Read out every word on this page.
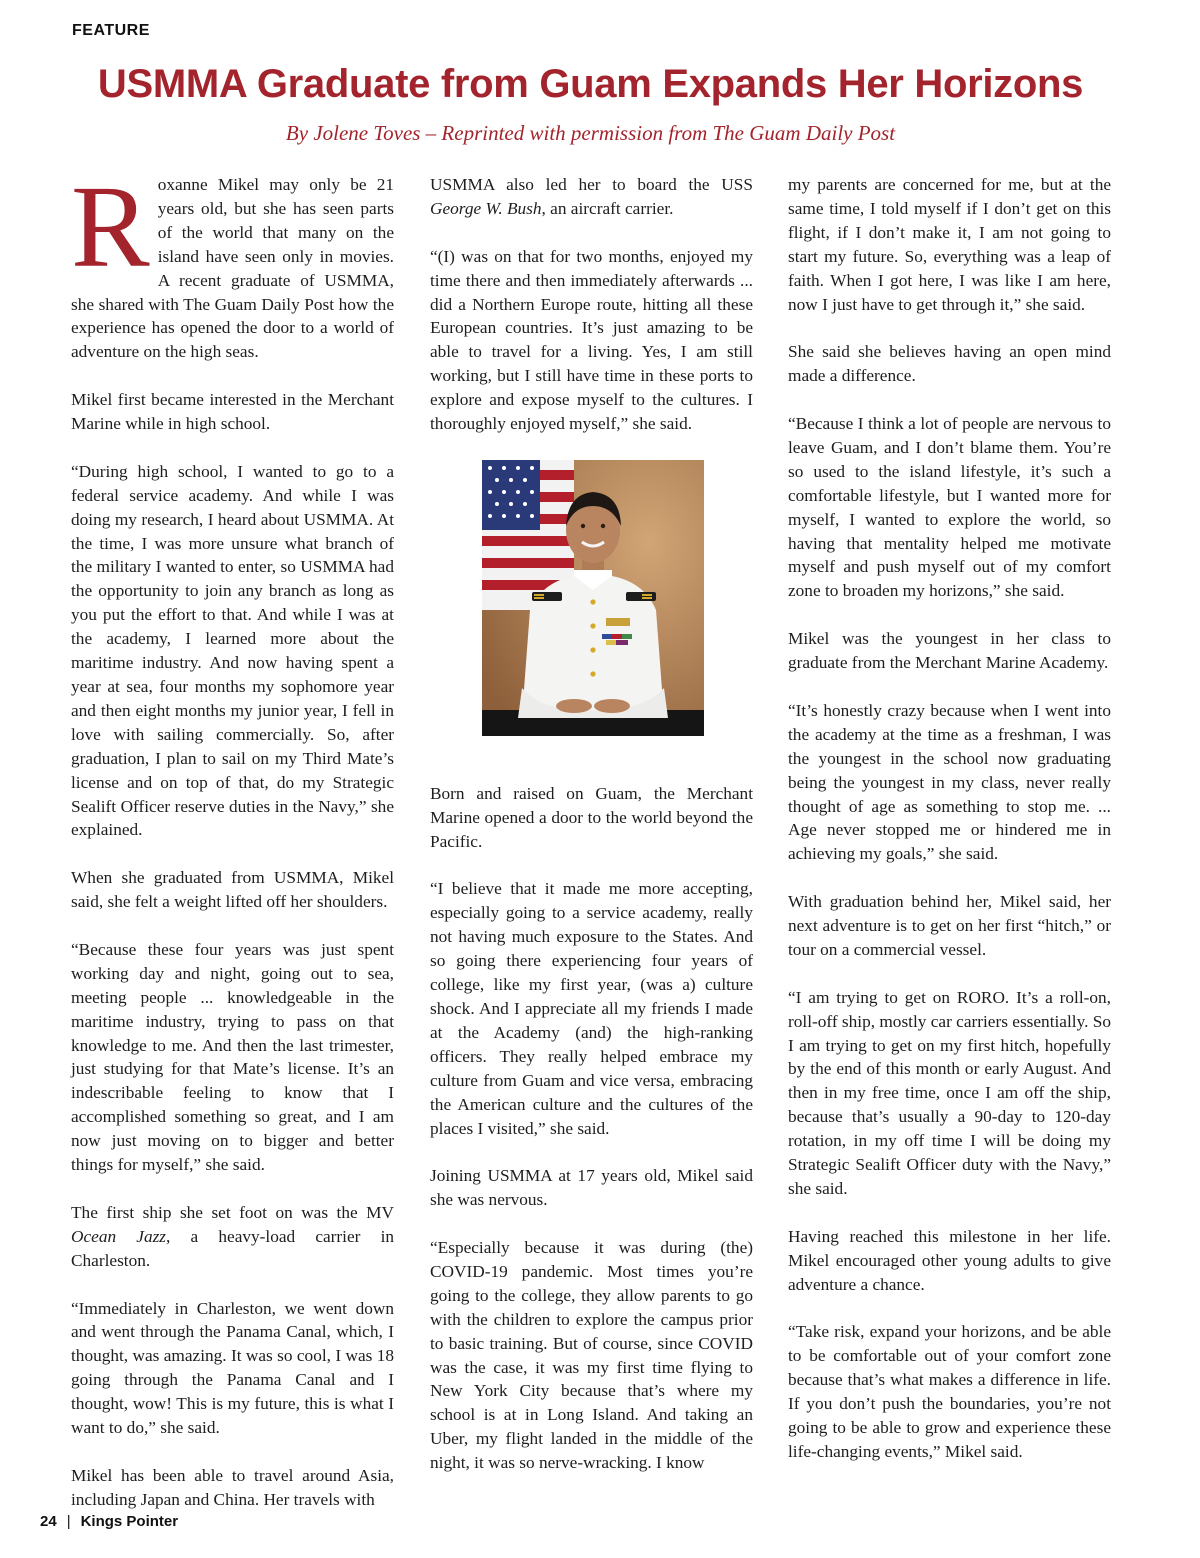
FEATURE
USMMA Graduate from Guam Expands Her Horizons
By Jolene Toves – Reprinted with permission from The Guam Daily Post

Roxanne Mikel may only be 21 years old, but she has seen parts of the world that many on the island have seen only in movies. A recent graduate of USMMA, she shared with The Guam Daily Post how the experience has opened the door to a world of adventure on the high seas.

Mikel first became interested in the Merchant Marine while in high school.

“During high school, I wanted to go to a federal service academy. And while I was doing my research, I heard about USMMA. At the time, I was more unsure what branch of the military I wanted to enter, so USMMA had the opportunity to join any branch as long as you put the effort to that. And while I was at the academy, I learned more about the maritime industry. And now having spent a year at sea, four months my sophomore year and then eight months my junior year, I fell in love with sailing commercially. So, after graduation, I plan to sail on my Third Mate’s license and on top of that, do my Strategic Sealift Officer reserve duties in the Navy,” she explained.

When she graduated from USMMA, Mikel said, she felt a weight lifted off her shoulders.

“Because these four years was just spent working day and night, going out to sea, meeting people ... knowledgeable in the maritime industry, trying to pass on that knowledge to me. And then the last trimester, just studying for that Mate’s license. It’s an indescribable feeling to know that I accomplished something so great, and I am now just moving on to bigger and better things for myself,” she said.

The first ship she set foot on was the MV Ocean Jazz, a heavy-load carrier in Charleston.

“Immediately in Charleston, we went down and went through the Panama Canal, which, I thought, was amazing. It was so cool, I was 18 going through the Panama Canal and I thought, wow! This is my future, this is what I want to do,” she said.

Mikel has been able to travel around Asia, including Japan and China. Her travels with

USMMA also led her to board the USS George W. Bush, an aircraft carrier.

“(I) was on that for two months, enjoyed my time there and then immediately afterwards ... did a Northern Europe route, hitting all these European countries. It’s just amazing to be able to travel for a living. Yes, I am still working, but I still have time in these ports to explore and expose myself to the cultures. I thoroughly enjoyed myself,” she said.

Born and raised on Guam, the Merchant Marine opened a door to the world beyond the Pacific.

“I believe that it made me more accepting, especially going to a service academy, really not having much exposure to the States. And so going there experiencing four years of college, like my first year, (was a) culture shock. And I appreciate all my friends I made at the Academy (and) the high-ranking officers. They really helped embrace my culture from Guam and vice versa, embracing the American culture and the cultures of the places I visited,” she said.

Joining USMMA at 17 years old, Mikel said she was nervous.

“Especially because it was during (the) COVID-19 pandemic. Most times you’re going to the college, they allow parents to go with the children to explore the campus prior to basic training. But of course, since COVID was the case, it was my first time flying to New York City because that’s where my school is at in Long Island. And taking an Uber, my flight landed in the middle of the night, it was so nerve-wracking. I know

my parents are concerned for me, but at the same time, I told myself if I don’t get on this flight, if I don’t make it, I am not going to start my future. So, everything was a leap of faith. When I got here, I was like I am here, now I just have to get through it,” she said.

She said she believes having an open mind made a difference.

“Because I think a lot of people are nervous to leave Guam, and I don’t blame them. You’re so used to the island lifestyle, it’s such a comfortable lifestyle, but I wanted more for myself, I wanted to explore the world, so having that mentality helped me motivate myself and push myself out of my comfort zone to broaden my horizons,” she said.

Mikel was the youngest in her class to graduate from the Merchant Marine Academy.

“It’s honestly crazy because when I went into the academy at the time as a freshman, I was the youngest in the school now graduating being the youngest in my class, never really thought of age as something to stop me. ... Age never stopped me or hindered me in achieving my goals,” she said.

With graduation behind her, Mikel said, her next adventure is to get on her first “hitch,” or tour on a commercial vessel.

“I am trying to get on RORO. It’s a roll-on, roll-off ship, mostly car carriers essentially. So I am trying to get on my first hitch, hopefully by the end of this month or early August. And then in my free time, once I am off the ship, because that’s usually a 90-day to 120-day rotation, in my off time I will be doing my Strategic Sealift Officer duty with the Navy,” she said.

Having reached this milestone in her life. Mikel encouraged other young adults to give adventure a chance.

“Take risk, expand your horizons, and be able to be comfortable out of your comfort zone because that’s what makes a difference in life. If you don’t push the boundaries, you’re not going to be able to grow and experience these life-changing events,” Mikel said.

24 | Kings Pointer
